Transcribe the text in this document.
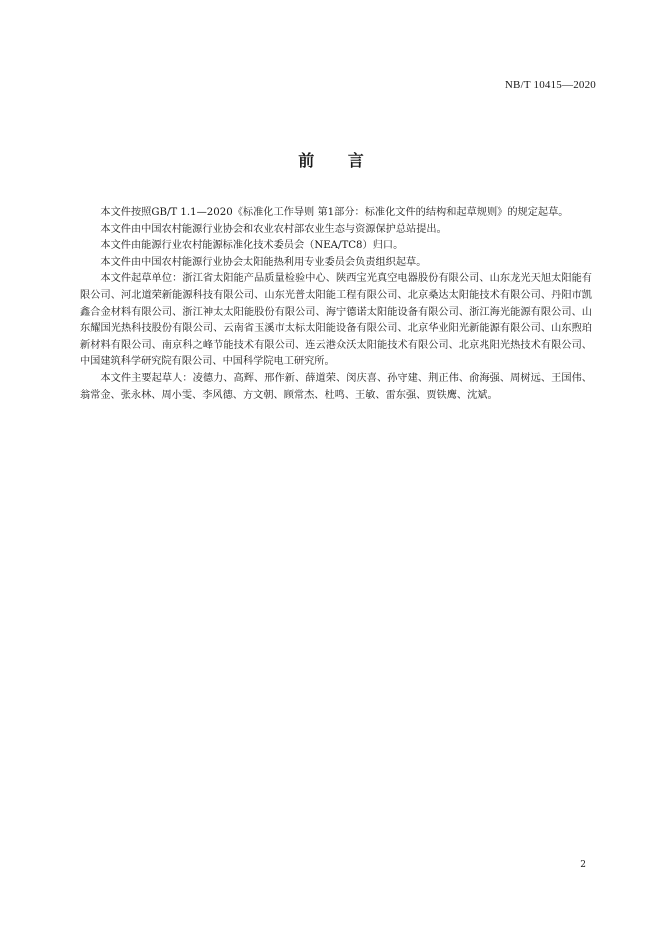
NB/T 10415—2020
前 言

本文件按照GB/T 1.1—2020《标准化工作导则 第1部分：标准化文件的结构和起草规则》的规定起草。

本文件由中国农村能源行业协会和农业农村部农业生态与资源保护总站提出。

本文件由能源行业农村能源标准化技术委员会（NEA/TC8）归口。

本文件由中国农村能源行业协会太阳能热利用专业委员会负责组织起草。

本文件起草单位：浙江省太阳能产品质量检验中心、陕西宝光真空电器股份有限公司、山东龙光天旭太阳能有限公司、河北道荣新能源科技有限公司、山东光普太阳能工程有限公司、北京桑达太阳能技术有限公司、丹阳市凯鑫合金材料有限公司、浙江神太太阳能股份有限公司、海宁德诺太阳能设备有限公司、浙江海光能源有限公司、山东耀国光热科技股份有限公司、云南省玉溪市太标太阳能设备有限公司、北京华业阳光新能源有限公司、山东煦珀新材料有限公司、南京科之峰节能技术有限公司、连云港众沃太阳能技术有限公司、北京兆阳光热技术有限公司、中国建筑科学研究院有限公司、中国科学院电工研究所。

本文件主要起草人：凌德力、高辉、邢作新、薛道荣、闵庆喜、孙守建、荆正伟、俞海强、周树远、王国伟、翁常金、张永林、周小雯、李风德、方文朝、顾常杰、杜鸣、王敏、雷东强、贾铁鹰、沈斌。

2
